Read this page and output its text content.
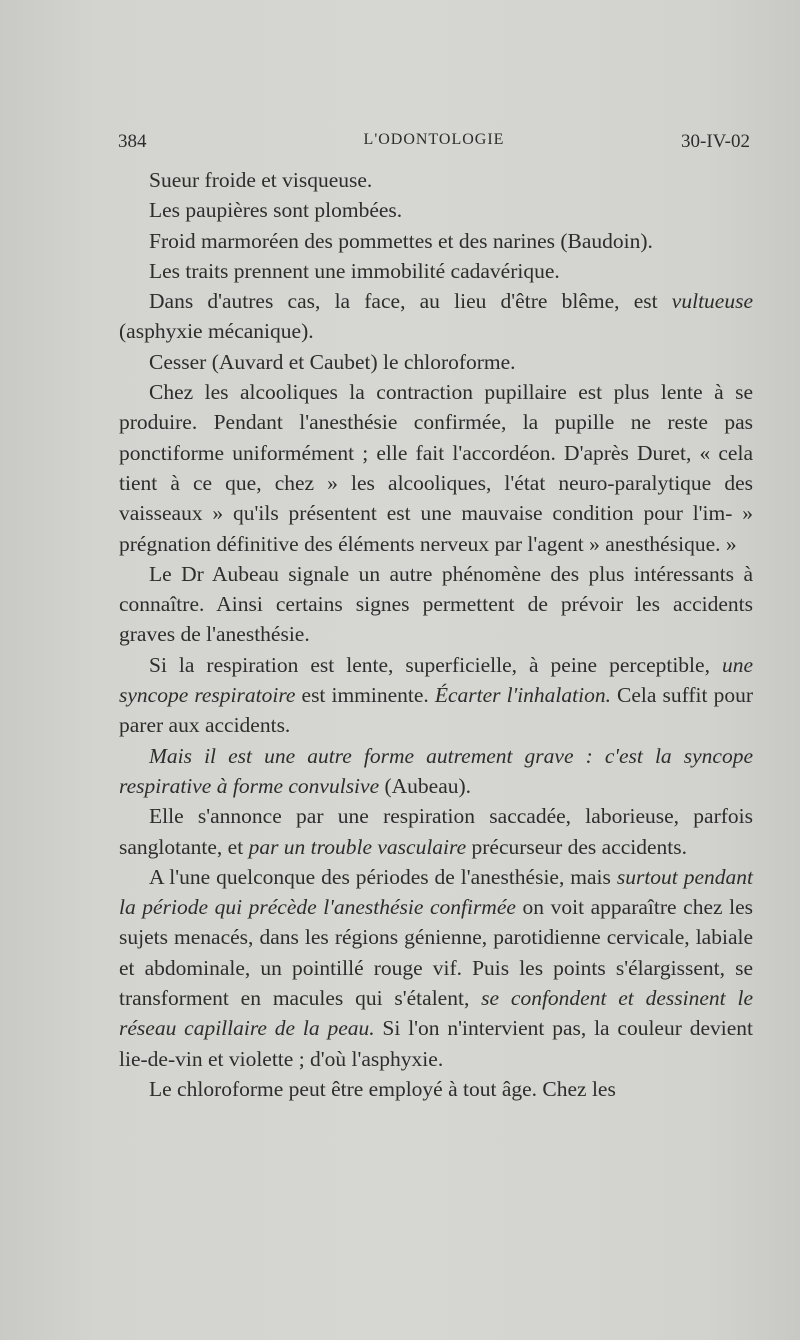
384	L'ODONTOLOGIE	30-IV-02

Sueur froide et visqueuse.

Les paupières sont plombées.

Froid marmoréen des pommettes et des narines (Baudoin).

Les traits prennent une immobilité cadavérique.

Dans d'autres cas, la face, au lieu d'être blême, est vultueuse (asphyxie mécanique).

Cesser (Auvard et Caubet) le chloroforme.

Chez les alcooliques la contraction pupillaire est plus lente à se produire. Pendant l'anesthésie confirmée, la pupille ne reste pas ponctiforme uniformément ; elle fait l'accordéon. D'après Duret, « cela tient à ce que, chez » les alcooliques, l'état neuro-paralytique des vaisseaux » qu'ils présentent est une mauvaise condition pour l'im- » prégnation définitive des éléments nerveux par l'agent » anesthésique. »

Le Dr Aubeau signale un autre phénomène des plus intéressants à connaître. Ainsi certains signes permettent de prévoir les accidents graves de l'anesthésie.

Si la respiration est lente, superficielle, à peine perceptible, une syncope respiratoire est imminente. Écarter l'inhalation. Cela suffit pour parer aux accidents.

Mais il est une autre forme autrement grave : c'est la syncope respirative à forme convulsive (Aubeau).

Elle s'annonce par une respiration saccadée, laborieuse, parfois sanglotante, et par un trouble vasculaire précurseur des accidents.

A l'une quelconque des périodes de l'anesthésie, mais surtout pendant la période qui précède l'anesthésie confirmée on voit apparaître chez les sujets menacés, dans les régions génienne, parotidienne cervicale, labiale et abdominale, un pointillé rouge vif. Puis les points s'élargissent, se transforment en macules qui s'étalent, se confondent et dessinent le réseau capillaire de la peau. Si l'on n'intervient pas, la couleur devient lie-de-vin et violette ; d'où l'asphyxie.

Le chloroforme peut être employé à tout âge. Chez les
